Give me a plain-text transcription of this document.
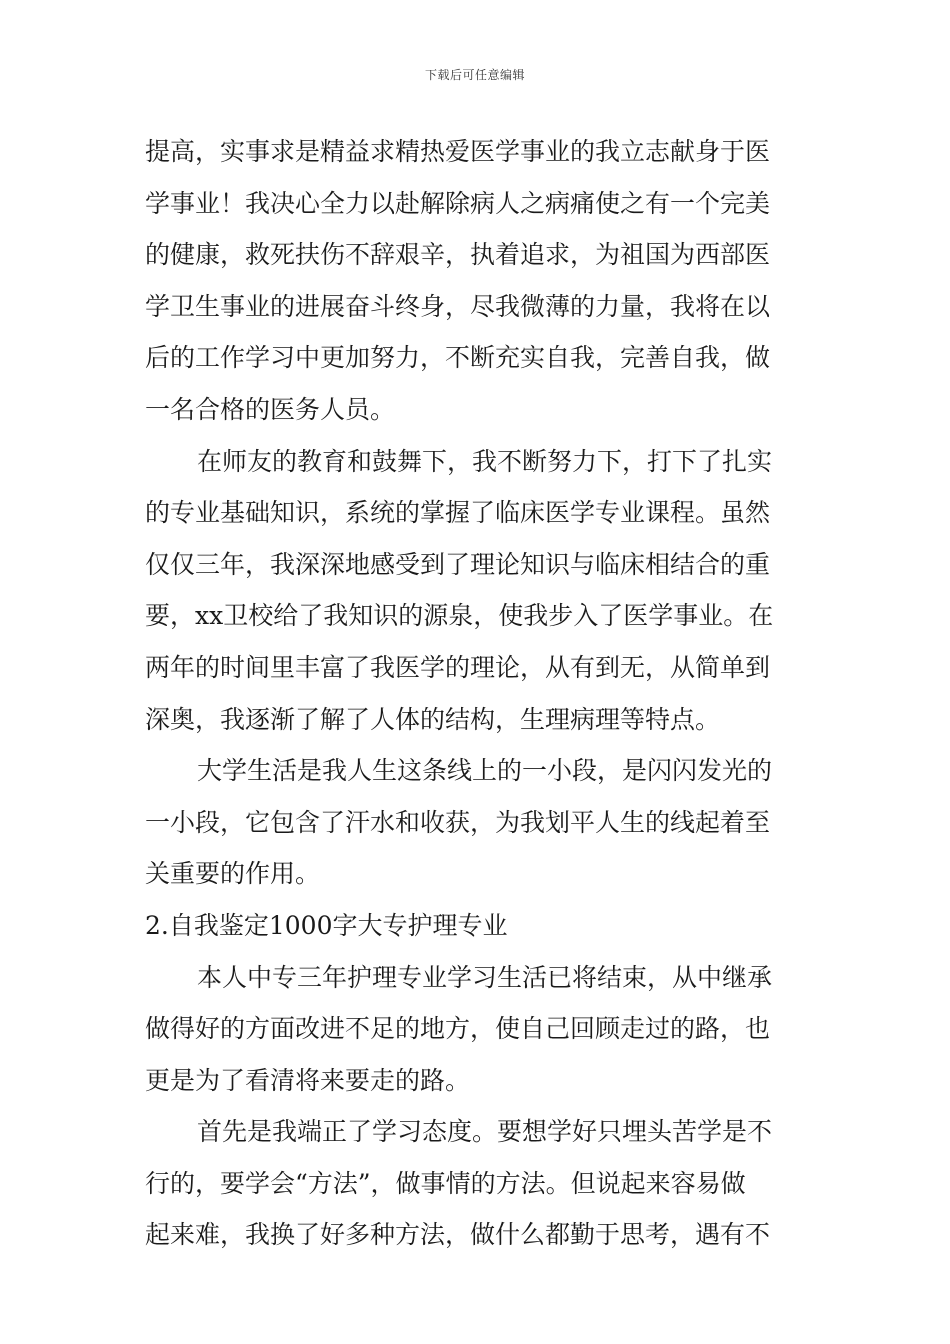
下载后可任意编辑
提高，实事求是精益求精热爱医学事业的我立志献身于医
学事业！我决心全力以赴解除病人之病痛使之有一个完美
的健康，救死扶伤不辞艰辛，执着追求，为祖国为西部医
学卫生事业的进展奋斗终身，尽我微薄的力量，我将在以
后的工作学习中更加努力，不断充实自我，完善自我，做
一名合格的医务人员。
在师友的教育和鼓舞下，我不断努力下，打下了扎实
的专业基础知识，系统的掌握了临床医学专业课程。虽然
仅仅三年，我深深地感受到了理论知识与临床相结合的重
要，xx卫校给了我知识的源泉，使我步入了医学事业。在
两年的时间里丰富了我医学的理论，从有到无，从简单到
深奥，我逐渐了解了人体的结构，生理病理等特点。
大学生活是我人生这条线上的一小段，是闪闪发光的
一小段，它包含了汗水和收获，为我划平人生的线起着至
关重要的作用。
2.自我鉴定1000字大专护理专业
本人中专三年护理专业学习生活已将结束，从中继承
做得好的方面改进不足的地方，使自己回顾走过的路，也
更是为了看清将来要走的路。
首先是我端正了学习态度。要想学好只埋头苦学是不
行的，要学会“方法”，做事情的方法。但说起来容易做
起来难，我换了好多种方法，做什么都勤于思考，遇有不
